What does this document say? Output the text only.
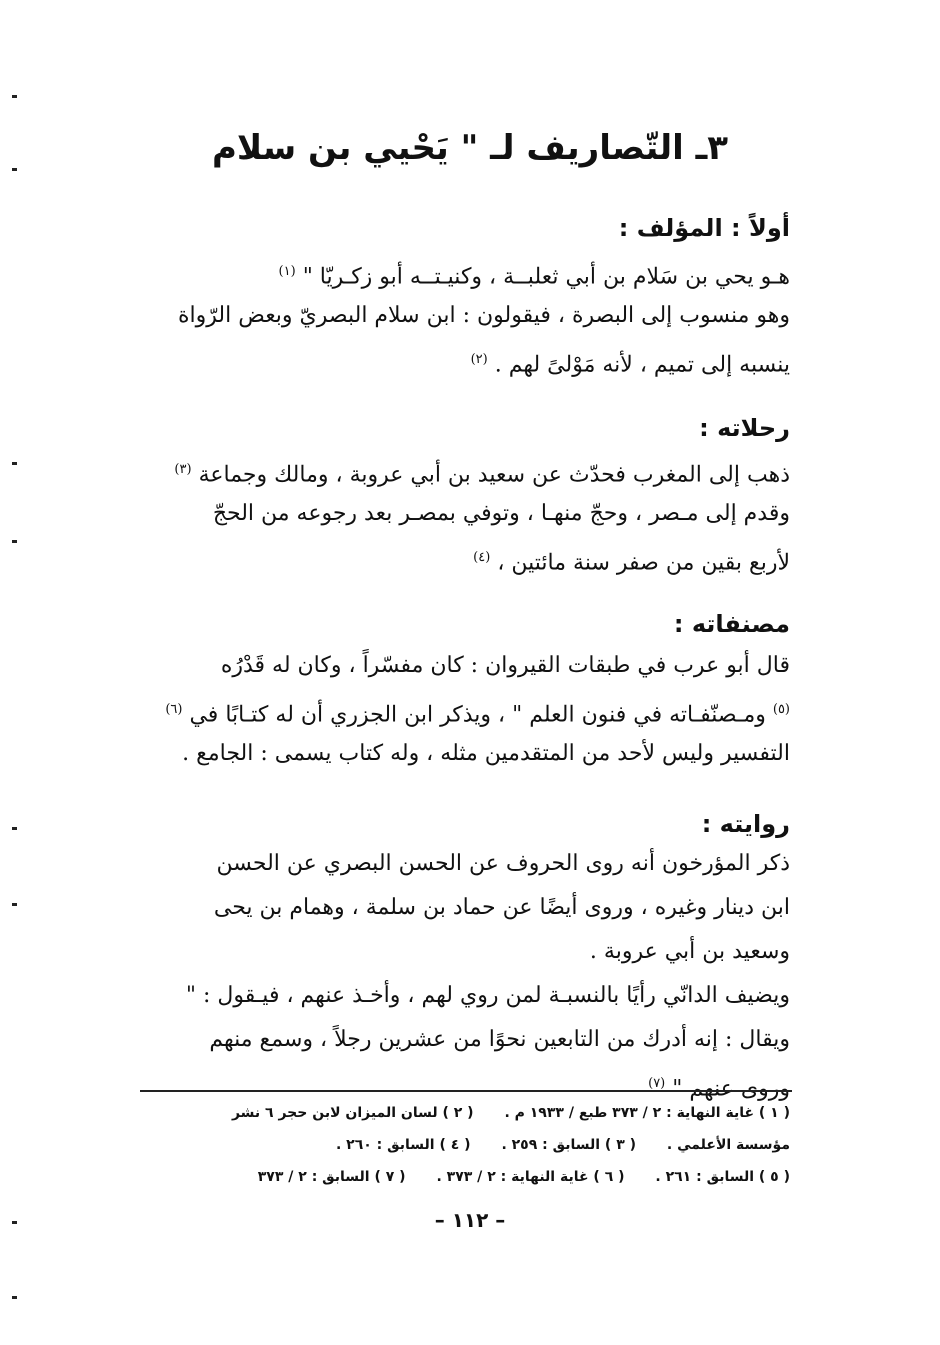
٣ـ التّصاريف لـ " يَحْيي بن سلام
أولاً : المؤلف :
هـو يحي بن سَلام بن أبي ثعلبــة ، وكنيـتــه أبو زكـريّا " $^{(١)}$
وهو منسوب إلى البصرة ، فيقولون : ابن سلام البصريّ وبعض الرّواة
ينسبه إلى تميم ، لأنه مَوْلىً لهم . $^{(٢)}$
رحلاته :
ذهب إلى المغرب فحدّث عن سعيد بن أبي عروبة ، ومالك وجماعة $^{(٣)}$
وقدم إلى مـصر ، وحجّ منهـا ، وتوفي بمصـر بعد رجوعه من الحجّ
لأربع بقين من صفر سنة مائتين ، $^{(٤)}$
مصنفاته :
قال أبو عرب في طبقات القيروان : كان مفسّراً ، وكان له قَدْرُه
$^{(٥)}$ ومـصنّفـاته في فنون العلم " ، ويذكر ابن الجزري أن له كتـابًا في $^{(٦)}$
التفسير وليس لأحد من المتقدمين مثله ، وله كتاب يسمى : الجامع .
روايته :
ذكر المؤرخون أنه روى الحروف عن الحسن البصري عن الحسن
ابن دينار وغيره ، وروى أيضًا عن حماد بن سلمة ، وهمام بن يحى
وسعيد بن أبي عروبة .
ويضيف الدانّي رأيًا بالنسبـة لمن روي لهم ، وأخـذ عنهم ، فيـقول : "
ويقال : إنه أدرك من التابعين نحوًا من عشرين رجلاً ، وسمع منهم
وروى عنهم " $^{(٧)}$
( ١ ) غاية النهاية : ٢ / ٣٧٣ طبع / ١٩٣٣ م . ( ٢ ) لسان الميزان لابن حجر ٦ نشر
مؤسسة الأعلمي . ( ٣ ) السابق : ٢٥٩ . ( ٤ ) السابق : ٢٦٠ .
( ٥ ) السابق : ٢٦١ . ( ٦ ) غاية النهاية : ٢ / ٣٧٣ . ( ٧ ) السابق : ٢ / ٣٧٣
– ١١٢ –
